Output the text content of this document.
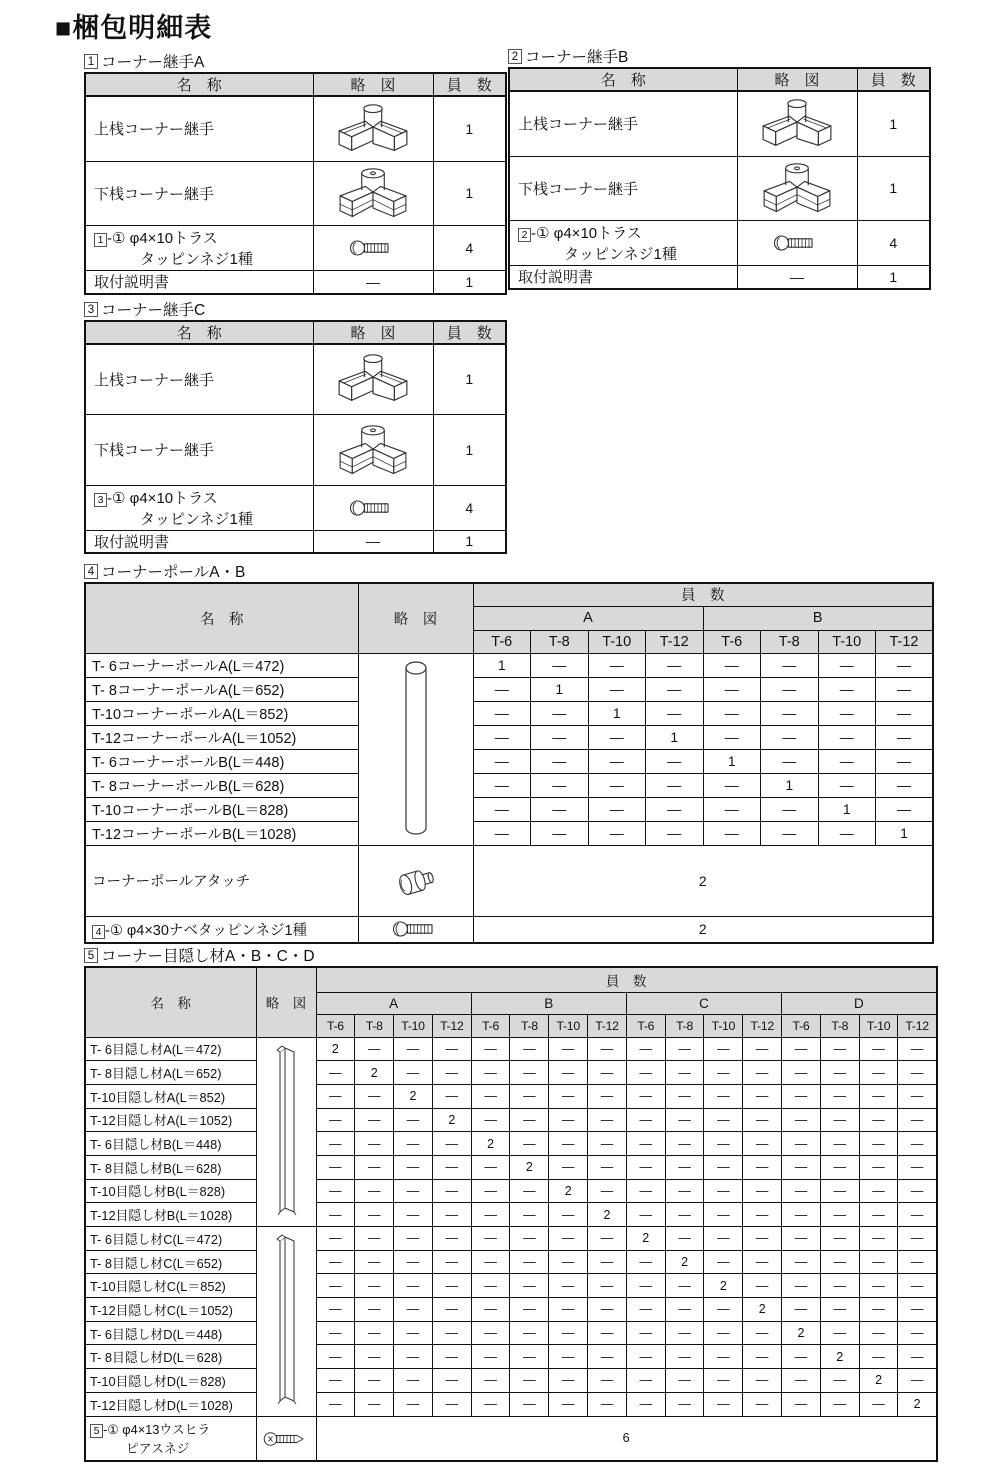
■梱包明細表
1 コーナー継手A
名　称	略　図	員　数
上桟コーナー継手		1
下桟コーナー継手		1

1 -① φ4×10トラス
タッピンネジ1種		4
取付説明書	—	1
2 コーナー継手B
名　称	略　図	員　数
上桟コーナー継手		1
下桟コーナー継手		1

2 -① φ4×10トラス
タッピンネジ1種		4
取付説明書	—	1
3 コーナー継手C
名　称	略　図	員　数
上桟コーナー継手		1
下桟コーナー継手		1

3 -① φ4×10トラス
タッピンネジ1種		4
取付説明書	—	1
4 コーナーポールA・B
名　称	略　図	員　数							
		A				B			
		T-6	T-8	T-10	T-12	T-6	T-8	T-10	T-12
T- 6コーナーポールA(L＝472)		1	—	—	—	—	—	—	—
T- 8コーナーポールA(L＝652)		—	1	—	—	—	—	—	—
T-10コーナーポールA(L＝852)		—	—	1	—	—	—	—	—
T-12コーナーポールA(L＝1052)		—	—	—	1	—	—	—	—
T- 6コーナーポールB(L＝448)		—	—	—	—	1	—	—	—
T- 8コーナーポールB(L＝628)		—	—	—	—	—	1	—	—
T-10コーナーポールB(L＝828)		—	—	—	—	—	—	1	—
T-12コーナーポールB(L＝1028)		—	—	—	—	—	—	—	1
コーナーポールアタッチ		2							

4 -① φ4×30ナベタッピンネジ1種		2							
5 コーナー目隠し材A・B・C・D
名　称	略　図	員　数															
		A				B				C				D			
		T-6	T-8	T-10	T-12	T-6	T-8	T-10	T-12	T-6	T-8	T-10	T-12	T-6	T-8	T-10	T-12
T- 6目隠し材A(L＝472)		2	—	—	—	—	—	—	—	—	—	—	—	—	—	—	—
T- 8目隠し材A(L＝652)		—	2	—	—	—	—	—	—	—	—	—	—	—	—	—	—
T-10目隠し材A(L＝852)		—	—	2	—	—	—	—	—	—	—	—	—	—	—	—	—
T-12目隠し材A(L＝1052)		—	—	—	2	—	—	—	—	—	—	—	—	—	—	—	—
T- 6目隠し材B(L＝448)		—	—	—	—	2	—	—	—	—	—	—	—	—	—	—	—
T- 8目隠し材B(L＝628)		—	—	—	—	—	2	—	—	—	—	—	—	—	—	—	—
T-10目隠し材B(L＝828)		—	—	—	—	—	—	2	—	—	—	—	—	—	—	—	—
T-12目隠し材B(L＝1028)		—	—	—	—	—	—	—	2	—	—	—	—	—	—	—	—
T- 6目隠し材C(L＝472)		—	—	—	—	—	—	—	—	2	—	—	—	—	—	—	—
T- 8目隠し材C(L＝652)		—	—	—	—	—	—	—	—	—	2	—	—	—	—	—	—
T-10目隠し材C(L＝852)		—	—	—	—	—	—	—	—	—	—	2	—	—	—	—	—
T-12目隠し材C(L＝1052)		—	—	—	—	—	—	—	—	—	—	—	2	—	—	—	—
T- 6目隠し材D(L＝448)		—	—	—	—	—	—	—	—	—	—	—	—	2	—	—	—
T- 8目隠し材D(L＝628)		—	—	—	—	—	—	—	—	—	—	—	—	—	2	—	—
T-10目隠し材D(L＝828)		—	—	—	—	—	—	—	—	—	—	—	—	—	—	2	—
T-12目隠し材D(L＝1028)		—	—	—	—	—	—	—	—	—	—	—	—	—	—	—	2

5 -① φ4×13ウスヒラ
ピアスネジ		6															
